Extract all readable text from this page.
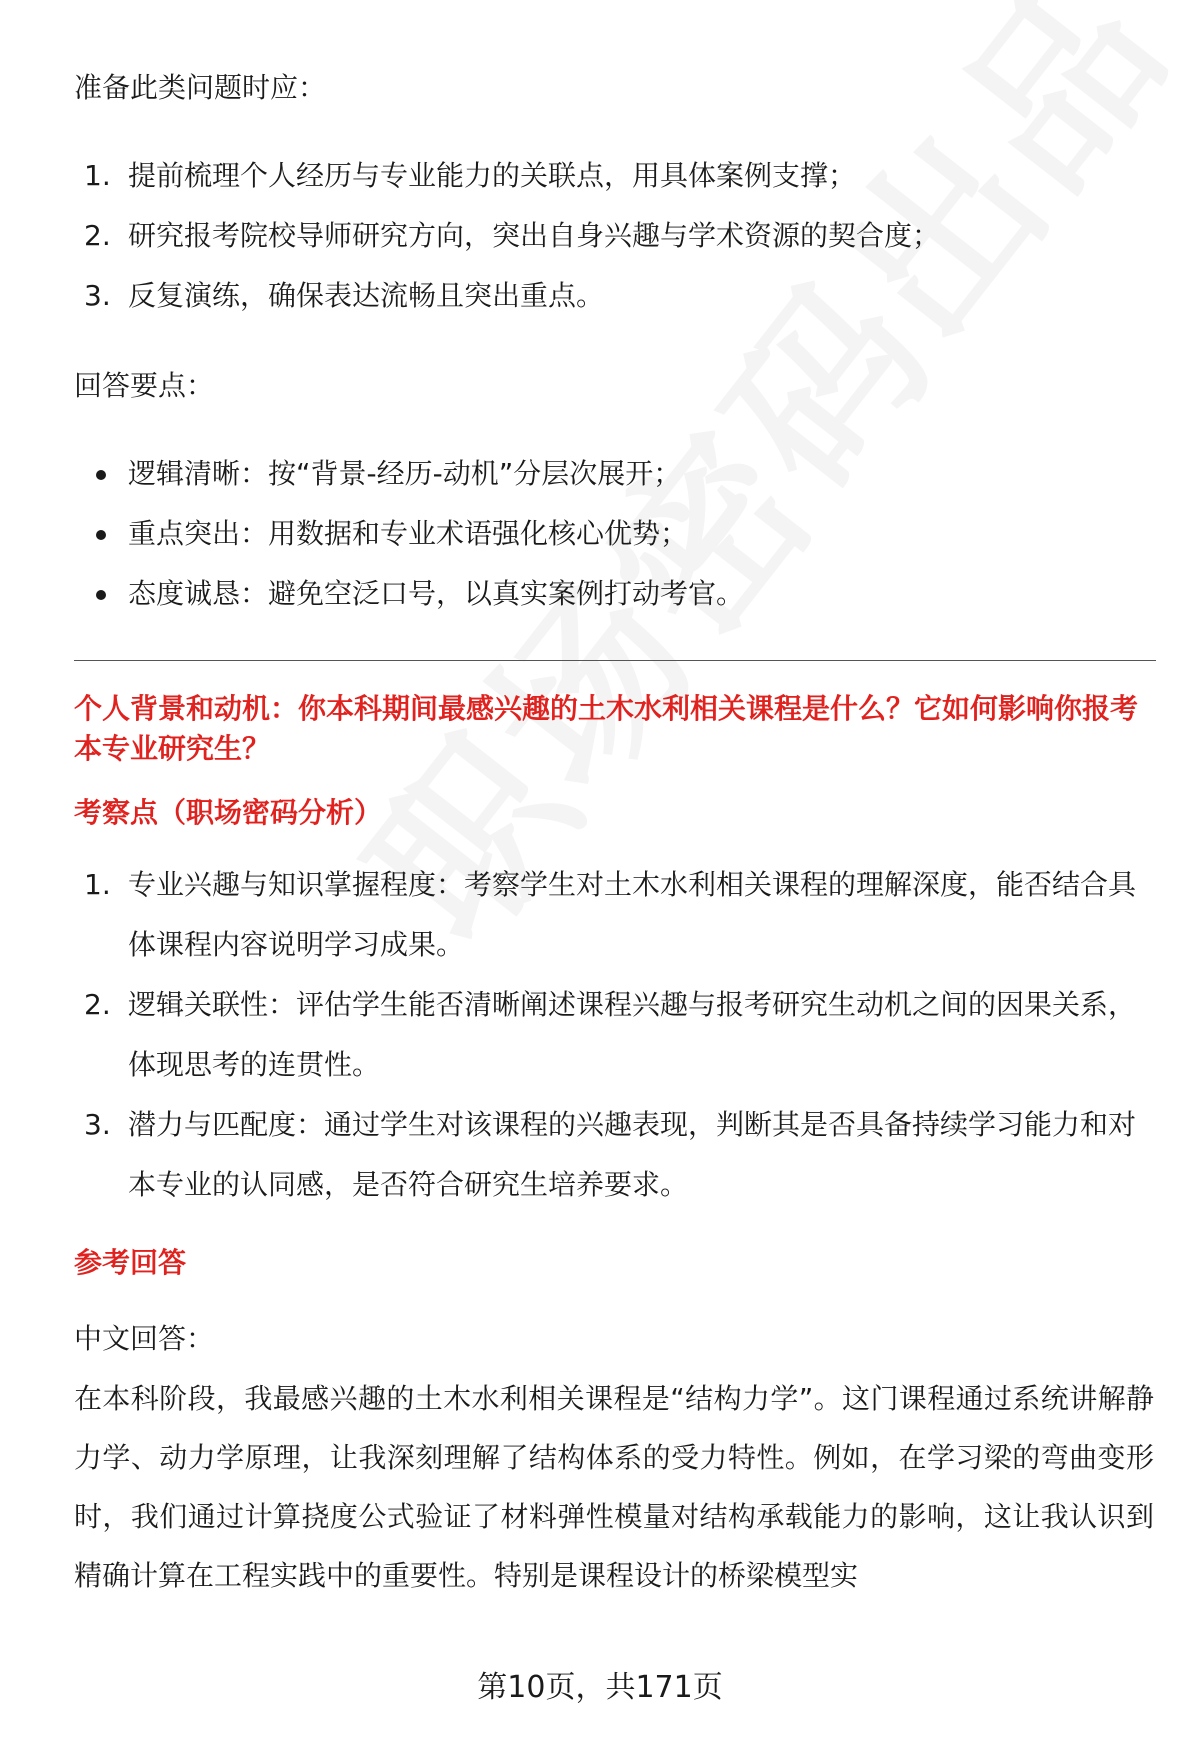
准备此类问题时应：

1. 提前梳理个人经历与专业能力的关联点，用具体案例支撑；
2. 研究报考院校导师研究方向，突出自身兴趣与学术资源的契合度；
3. 反复演练，确保表达流畅且突出重点。

回答要点：

逻辑清晰：按“背景-经历-动机”分层次展开；
重点突出：用数据和专业术语强化核心优势；
态度诚恳：避免空泛口号，以真实案例打动考官。

个人背景和动机：你本科期间最感兴趣的土木水利相关课程是什么？它如何影响你报考本专业研究生？

考察点（职场密码分析）

1. 专业兴趣与知识掌握程度：考察学生对土木水利相关课程的理解深度，能否结合具体课程内容说明学习成果。
2. 逻辑关联性：评估学生能否清晰阐述课程兴趣与报考研究生动机之间的因果关系，体现思考的连贯性。
3. 潜力与匹配度：通过学生对该课程的兴趣表现，判断其是否具备持续学习能力和对本专业的认同感，是否符合研究生培养要求。

参考回答

中文回答：

在本科阶段，我最感兴趣的土木水利相关课程是“结构力学”。这门课程通过系统讲解静力学、动力学原理，让我深刻理解了结构体系的受力特性。例如，在学习梁的弯曲变形时，我们通过计算挠度公式验证了材料弹性模量对结构承载能力的影响，这让我认识到精确计算在工程实践中的重要性。特别是课程设计的桥梁模型实

第10页，共171页
